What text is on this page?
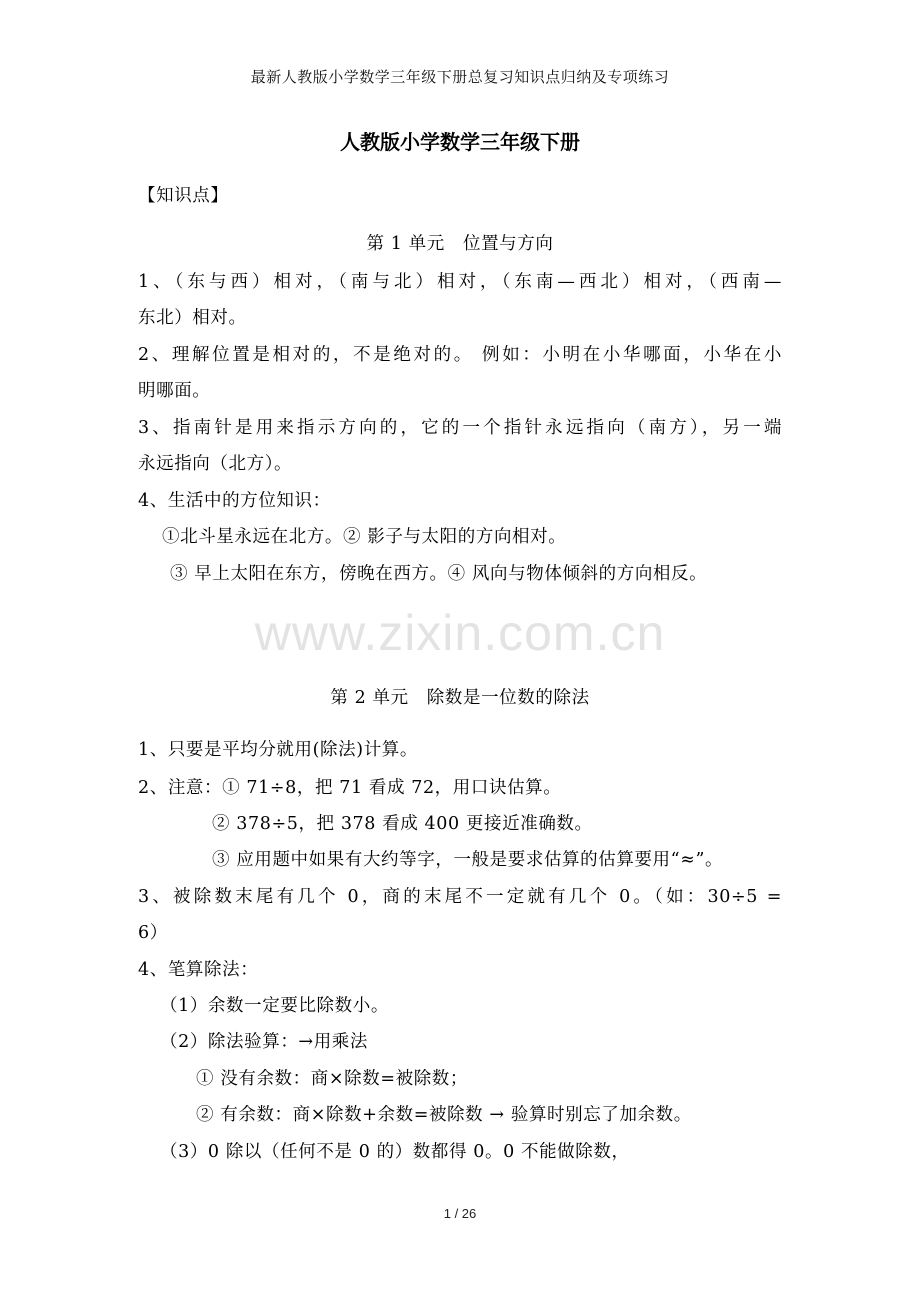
最新人教版小学数学三年级下册总复习知识点归纳及专项练习
人教版小学数学三年级下册
【知识点】
第 1 单元　位置与方向
1、（东与西）相对，（南与北）相对，（东南—西北）相对，（西南—
东北）相对。
2、理解位置是相对的，不是绝对的。 例如：小明在小华哪面，小华在小
明哪面。
3、指南针是用来指示方向的，它的一个指针永远指向（南方），另一端
永远指向（北方）。
4、生活中的方位知识：
①北斗星永远在北方。② 影子与太阳的方向相对。
③ 早上太阳在东方，傍晚在西方。④ 风向与物体倾斜的方向相反。
www.zixin.com.cn
第 2 单元　除数是一位数的除法
1、只要是平均分就用(除法)计算。
2、注意：① 71÷8，把 71 看成 72，用口诀估算。
② 378÷5，把 378 看成 400 更接近准确数。
③ 应用题中如果有大约等字，一般是要求估算的估算要用“≈”。
3、被除数末尾有几个 0，商的末尾不一定就有几个 0。（如：30÷5 =
6）
4、笔算除法：
（1）余数一定要比除数小。
（2）除法验算：→用乘法
① 没有余数：商×除数=被除数；
② 有余数：商×除数+余数=被除数 → 验算时别忘了加余数。
（3）0 除以（任何不是 0 的）数都得 0。0 不能做除数，
1 / 26
